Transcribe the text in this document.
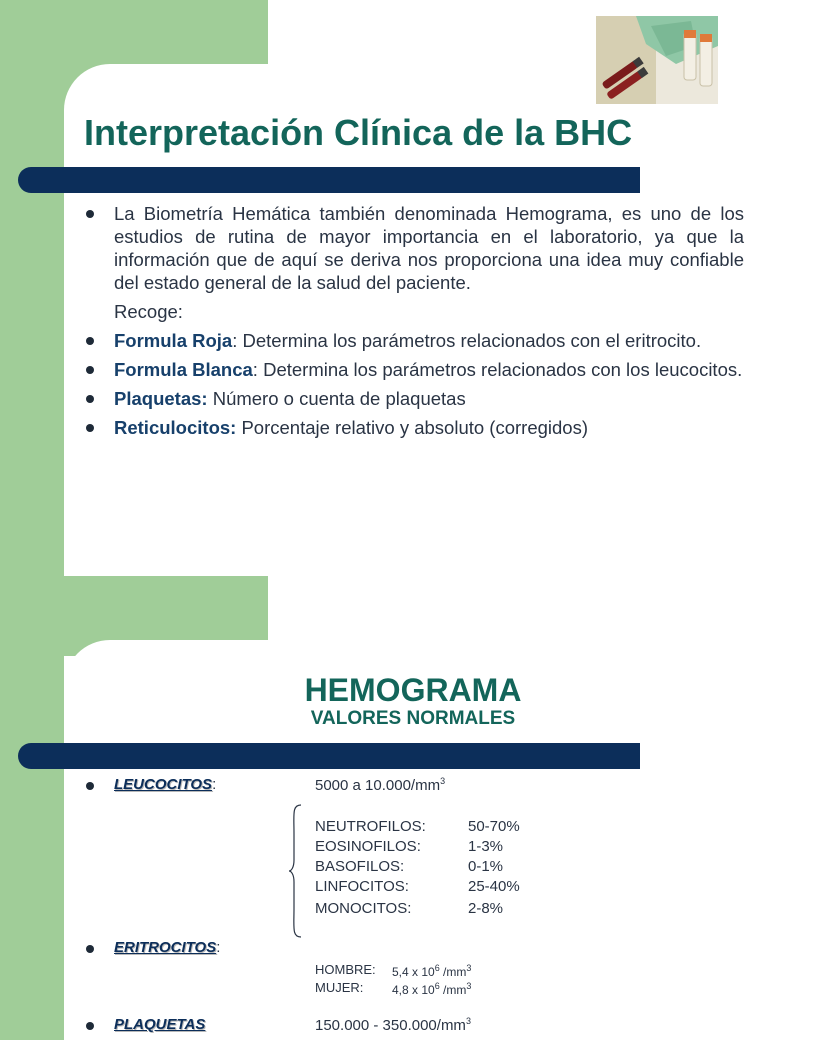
Interpretación Clínica de la BHC
La Biometría Hemática también denominada Hemograma, es uno de los estudios de rutina de mayor importancia en el laboratorio, ya que la información que de aquí se deriva nos proporciona una idea muy confiable del estado general de la salud del paciente.
Recoge:
Formula Roja: Determina los parámetros relacionados con el eritrocito.
Formula Blanca: Determina los parámetros relacionados con los leucocitos.
Plaquetas: Número o cuenta de plaquetas
Reticulocitos: Porcentaje relativo y absoluto (corregidos)
HEMOGRAMA
VALORES NORMALES
LEUCOCITOS:	5000 a $10.000/mm^3$
NEUTROFILOS:	50-70%
EOSINOFILOS:	1-3%
BASOFILOS:	0-1%
LINFOCITOS:	25-40%
MONOCITOS:	2-8%
ERITROCITOS:
HOMBRE: 5,4 x $10^6$ $/mm^3$
MUJER: 4,8 x $10^6$ $/mm^3$
PLAQUETAS	$150.000 - 350.000/mm^3$
